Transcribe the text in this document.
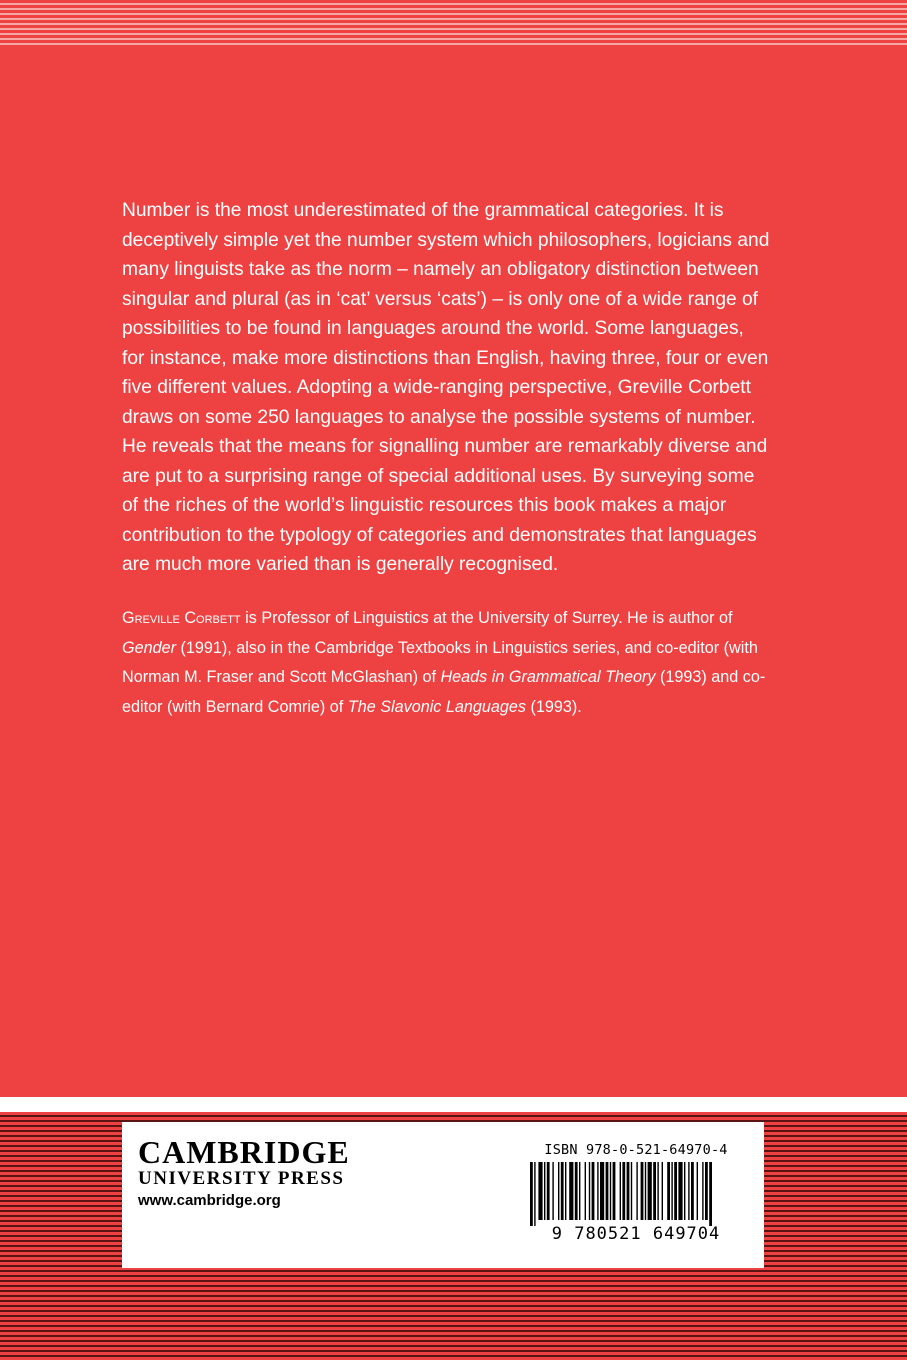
Number is the most underestimated of the grammatical categories. It is deceptively simple yet the number system which philosophers, logicians and many linguists take as the norm – namely an obligatory distinction between singular and plural (as in ‘cat’ versus ‘cats’) – is only one of a wide range of possibilities to be found in languages around the world. Some languages, for instance, make more distinctions than English, having three, four or even five different values. Adopting a wide-ranging perspective, Greville Corbett draws on some 250 languages to analyse the possible systems of number. He reveals that the means for signalling number are remarkably diverse and are put to a surprising range of special additional uses. By surveying some of the riches of the world’s linguistic resources this book makes a major contribution to the typology of categories and demonstrates that languages are much more varied than is generally recognised.

Greville Corbett is Professor of Linguistics at the University of Surrey. He is author of Gender (1991), also in the Cambridge Textbooks in Linguistics series, and co-editor (with Norman M. Fraser and Scott McGlashan) of Heads in Grammatical Theory (1993) and co-editor (with Bernard Comrie) of The Slavonic Languages (1993).

CAMBRIDGE

UNIVERSITY PRESS

www.cambridge.org

ISBN 978-0-521-64970-4

9 780521 649704
